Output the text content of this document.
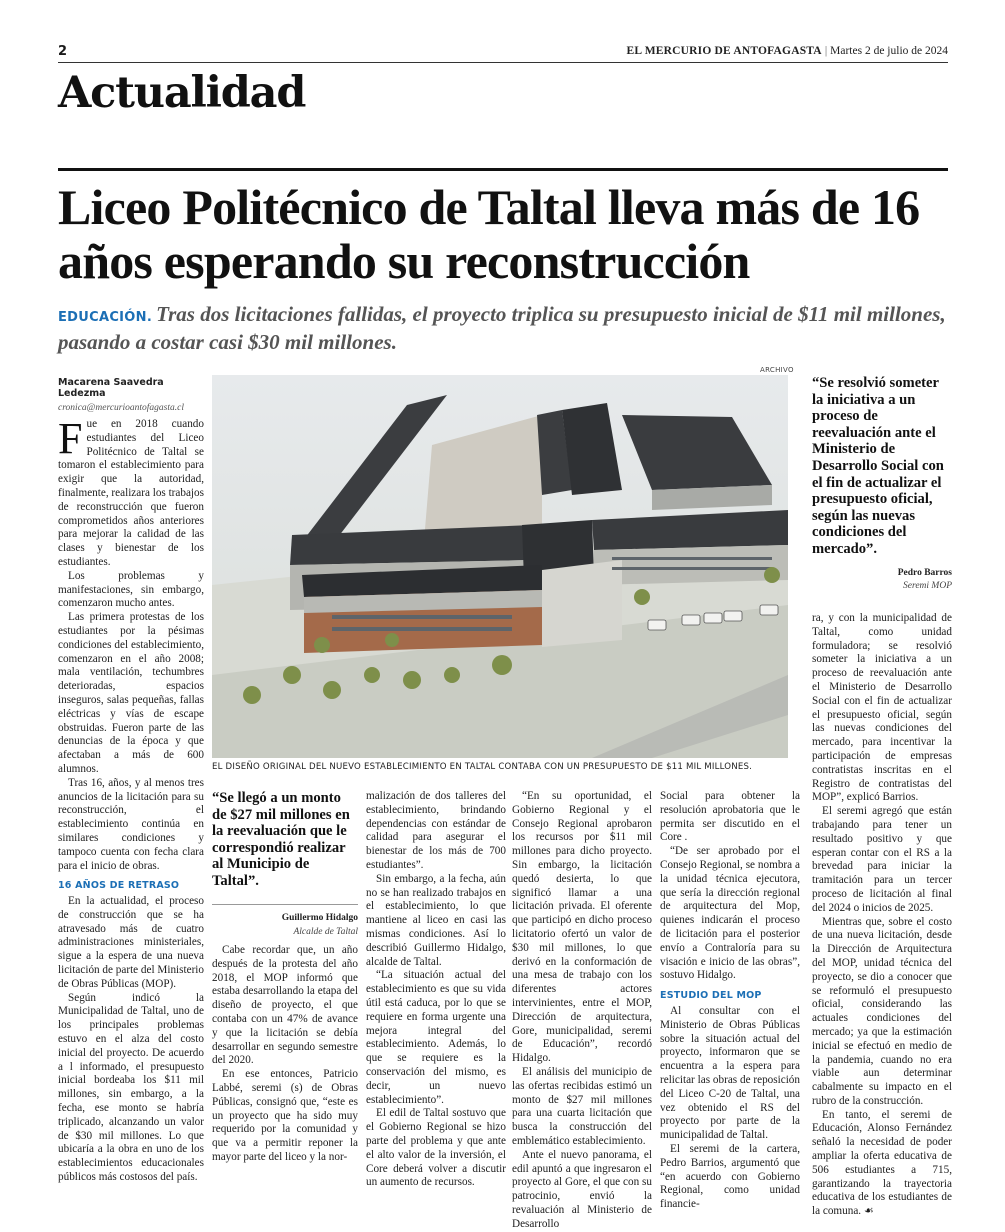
2	EL MERCURIO DE ANTOFAGASTA | Martes 2 de julio de 2024
Actualidad
Liceo Politécnico de Taltal lleva más de 16 años esperando su reconstrucción
EDUCACIÓN. Tras dos licitaciones fallidas, el proyecto triplica su presupuesto inicial de $11 mil millones, pasando a costar casi $30 mil millones.
Macarena Saavedra Ledezma
cronica@mercurioantofagasta.cl

Fue en 2018 cuando estudiantes del Liceo Politécnico de Taltal se tomaron el establecimiento para exigir que la autoridad, finalmente, realizara los trabajos de reconstrucción que fueron comprometidos años anteriores para mejorar la calidad de las clases y bienestar de los estudiantes.

Los problemas y manifestaciones, sin embargo, comenzaron mucho antes.

Las primera protestas de los estudiantes por la pésimas condiciones del establecimiento, comenzaron en el año 2008; mala ventilación, techumbres deterioradas, espacios inseguros, salas pequeñas, fallas eléctricas y vías de escape obstruidas. Fueron parte de las denuncias de la época y que afectaban a más de 600 alumnos.

Tras 16, años, y al menos tres anuncios de la licitación para su reconstrucción, el establecimiento continúa en similares condiciones y tampoco cuenta con fecha clara para el inicio de obras.

16 AÑOS DE RETRASO

En la actualidad, el proceso de construcción que se ha atravesado más de cuatro administraciones ministeriales, sigue a la espera de una nueva licitación de parte del Ministerio de Obras Públicas (MOP).

Según indicó la Municipalidad de Taltal, uno de los principales problemas estuvo en el alza del costo inicial del proyecto. De acuerdo a l informado, el presupuesto inicial bordeaba los $11 mil millones, sin embargo, a la fecha, ese monto se habría triplicado, alcanzando un valor de $30 mil millones. Lo que ubicaría a la obra en uno de los establecimientos educacionales públicos más costosos del país.

ARCHIVO
EL DISEÑO ORIGINAL DEL NUEVO ESTABLECIMIENTO EN TALTAL CONTABA CON UN PRESUPUESTO DE $11 MIL MILLONES.
“Se resolvió someter la iniciativa a un proceso de reevaluación ante el Ministerio de Desarrollo Social con el fin de actualizar el presupuesto oficial, según las nuevas condiciones del mercado”.
Pedro Barros
Seremi MOP
“Se llegó a un monto de $27 mil millones en la reevaluación que le correspondió realizar al Municipio de Taltal”.
Guillermo Hidalgo
Alcalde de Taltal

Cabe recordar que, un año después de la protesta del año 2018, el MOP informó que estaba desarrollando la etapa del diseño de proyecto, el que contaba con un 47% de avance y que la licitación se debía desarrollar en segundo semestre del 2020.

En ese entonces, Patricio Labbé, seremi (s) de Obras Públicas, consignó que, “este es un proyecto que ha sido muy requerido por la comunidad y que va a permitir reponer la mayor parte del liceo y la nor-

malización de dos talleres del establecimiento, brindando dependencias con estándar de calidad para asegurar el bienestar de los más de 700 estudiantes”.

Sin embargo, a la fecha, aún no se han realizado trabajos en el establecimiento, lo que mantiene al liceo en casi las mismas condiciones. Así lo describió Guillermo Hidalgo, alcalde de Taltal.

“La situación actual del establecimiento es que su vida útil está caduca, por lo que se requiere en forma urgente una mejora integral del establecimiento. Además, lo que se requiere es la conservación del mismo, es decir, un nuevo establecimiento”.

El edil de Taltal sostuvo que el Gobierno Regional se hizo parte del problema y que ante el alto valor de la inversión, el Core deberá volver a discutir un aumento de recursos.

“En su oportunidad, el Gobierno Regional y el Consejo Regional aprobaron los recursos por $11 mil millones para dicho proyecto. Sin embargo, la licitación quedó desierta, lo que significó llamar a una licitación privada. El oferente que participó en dicho proceso licitatorio ofertó un valor de $30 mil millones, lo que derivó en la conformación de una mesa de trabajo con los diferentes actores intervinientes, entre el MOP, Dirección de arquitectura, Gore, municipalidad, seremi de Educación”, recordó Hidalgo.

El análisis del municipio de las ofertas recibidas estimó un monto de $27 mil millones para una cuarta licitación que busca la construcción del emblemático establecimiento.

Ante el nuevo panorama, el edil apuntó a que ingresaron el proyecto al Gore, el que con su patrocinio, envió la revaluación al Ministerio de Desarrollo

Social para obtener la resolución aprobatoria que le permita ser discutido en el Core .

“De ser aprobado por el Consejo Regional, se nombra a la unidad técnica ejecutora, que sería la dirección regional de arquitectura del Mop, quienes indicarán el proceso de licitación para el posterior envío a Contraloría para su visación e inicio de las obras”, sostuvo Hidalgo.

ESTUDIO DEL MOP

Al consultar con el Ministerio de Obras Públicas sobre la situación actual del proyecto, informaron que se encuentra a la espera para relicitar las obras de reposición del Liceo C-20 de Taltal, una vez obtenido el RS del proyecto por parte de la municipalidad de Taltal.

El seremi de la cartera, Pedro Barrios, argumentó que “en acuerdo con Gobierno Regional, como unidad financie-

ra, y con la municipalidad de Taltal, como unidad formuladora; se resolvió someter la iniciativa a un proceso de reevaluación ante el Ministerio de Desarrollo Social con el fin de actualizar el presupuesto oficial, según las nuevas condiciones del mercado, para incentivar la participación de empresas contratistas inscritas en el Registro de contratistas del MOP”, explicó Barrios.

El seremi agregó que están trabajando para tener un resultado positivo y que esperan contar con el RS a la brevedad para iniciar la tramitación para un tercer proceso de licitación al final del 2024 o inicios de 2025.

Mientras que, sobre el costo de una nueva licitación, desde la Dirección de Arquitectura del MOP, unidad técnica del proyecto, se dio a conocer que se reformuló el presupuesto oficial, considerando las actuales condiciones del mercado; ya que la estimación inicial se efectuó en medio de la pandemia, cuando no era viable aun determinar cabalmente su impacto en el rubro de la construcción.

En tanto, el seremi de Educación, Alonso Fernández señaló la necesidad de poder ampliar la oferta educativa de 506 estudiantes a 715, garantizando la trayectoria educativa de los estudiantes de la comuna. ☙
